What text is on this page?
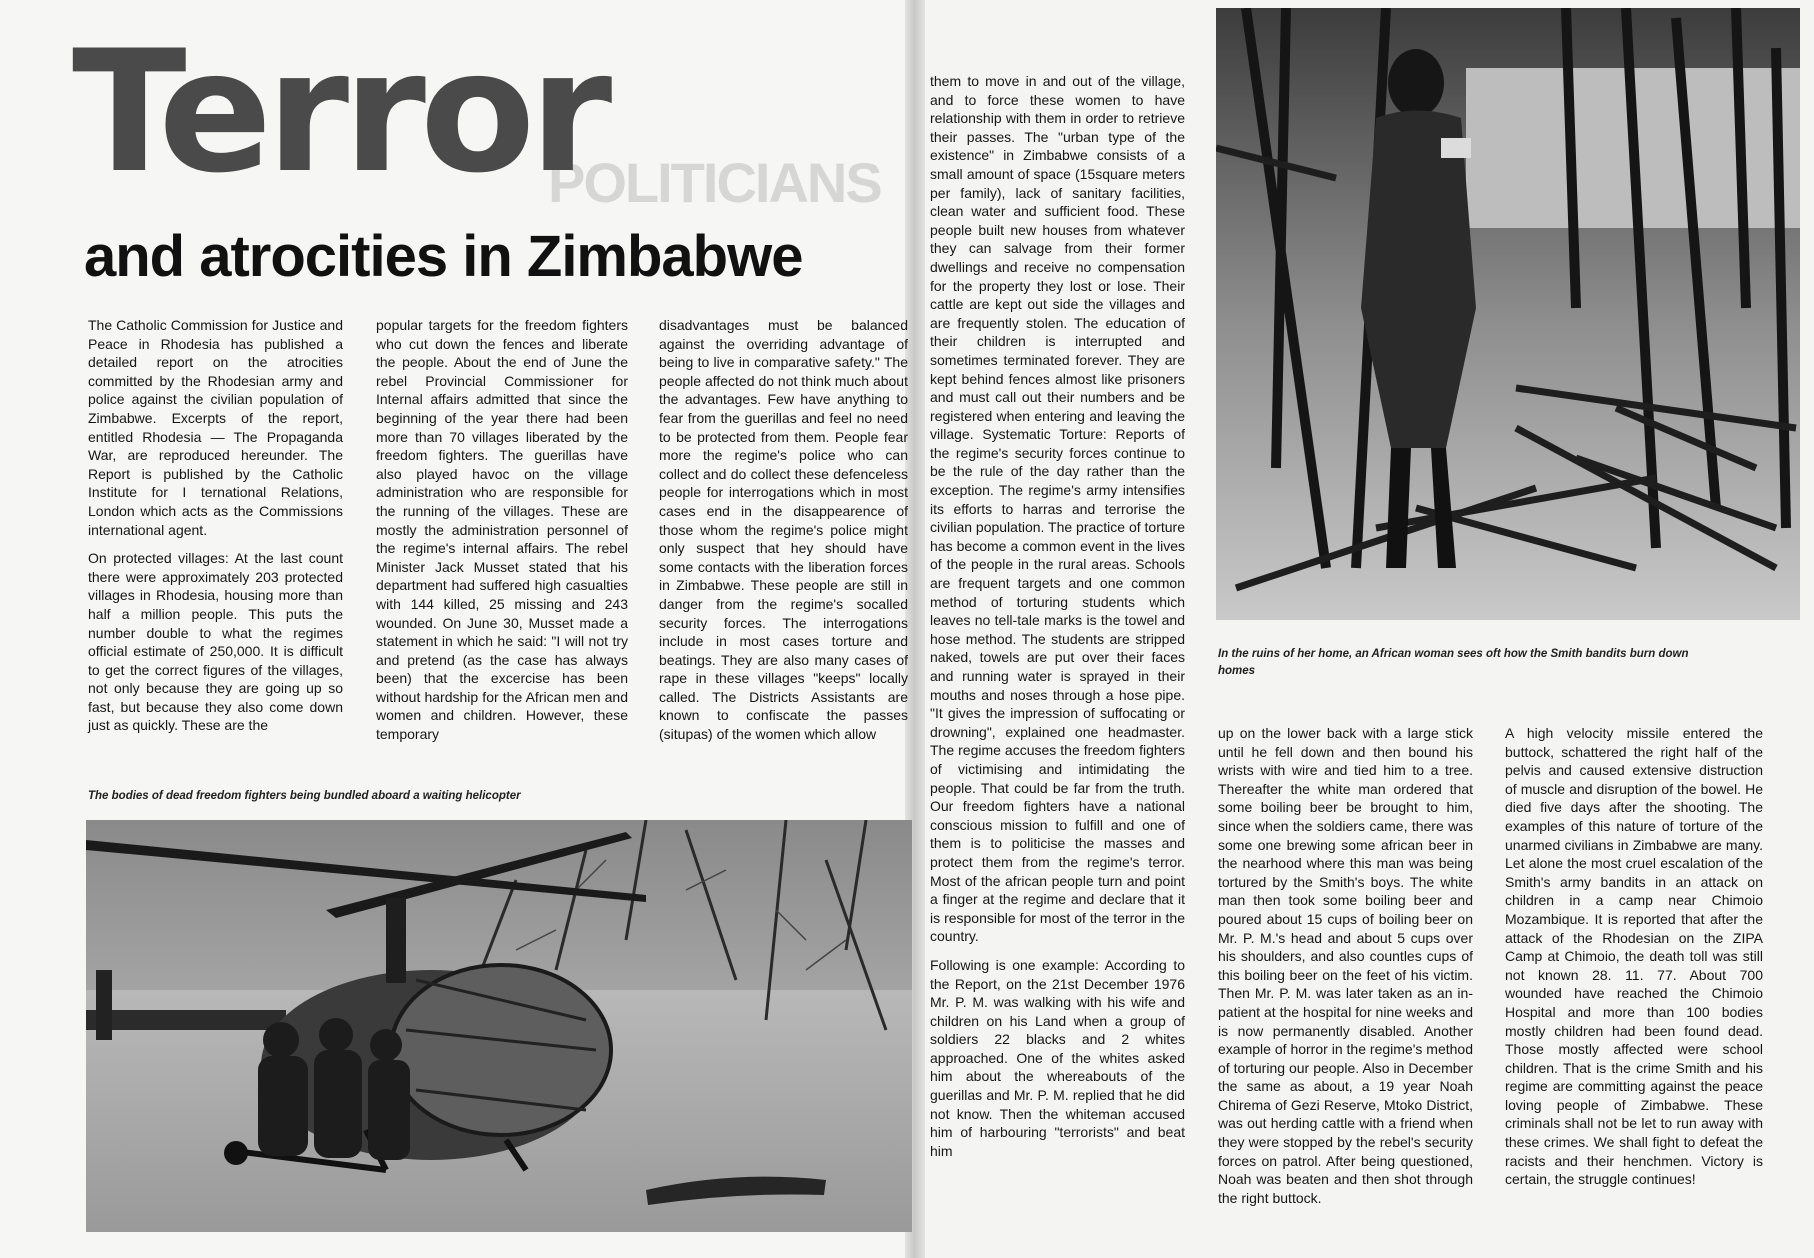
POLITICIANS
Terror
and atrocities in Zimbabwe

The Catholic Commission for Justice and Peace in Rhodesia has published a detailed report on the atrocities committed by the Rhodesian army and police against the civilian population of Zimbabwe. Excerpts of the report, entitled Rhodesia — The Propaganda War, are reproduced hereunder. The Report is published by the Catholic Institute for I ternational Relations, London which acts as the Commissions international agent.

On protected villages: At the last count there were approximately 203 protected villages in Rhodesia, housing more than half a million people. This puts the number double to what the regimes official estimate of 250,000. It is difficult to get the correct figures of the villages, not only because they are going up so fast, but because they also come down just as quickly. These are the

popular targets for the freedom fighters who cut down the fences and liberate the people. About the end of June the rebel Provincial Commissioner for Internal affairs admitted that since the beginning of the year there had been more than 70 villages liberated by the freedom fighters. The guerillas have also played havoc on the village administration who are responsible for the running of the villages. These are mostly the administration personnel of the regime's internal affairs. The rebel Minister Jack Musset stated that his department had suffered high casualties with 144 killed, 25 missing and 243 wounded. On June 30, Musset made a statement in which he said: "I will not try and pretend (as the case has always been) that the excercise has been without hardship for the African men and women and children. However, these temporary

disadvantages must be balanced against the overriding advantage of being to live in comparative safety." The people affected do not think much about the advantages. Few have anything to fear from the guerillas and feel no need to be protected from them. People fear more the regime's police who can collect and do collect these defenceless people for interrogations which in most cases end in the disappearence of those whom the regime's police might only suspect that hey should have some contacts with the liberation forces in Zimbabwe. These people are still in danger from the regime's socalled security forces. The interrogations include in most cases torture and beatings. They are also many cases of rape in these villages "keeps" locally called. The Districts Assistants are known to confiscate the passes (situpas) of the women which allow

The bodies of dead freedom fighters being bundled aboard a waiting helicopter
In the ruins of her home, an African woman sees oft how the Smith bandits burn down homes

them to move in and out of the village, and to force these women to have relationship with them in order to retrieve their passes. The "urban type of the existence" in Zimbabwe consists of a small amount of space (15square meters per family), lack of sanitary facilities, clean water and sufficient food. These people built new houses from whatever they can salvage from their former dwellings and receive no compensation for the property they lost or lose. Their cattle are kept out side the villages and are frequently stolen. The education of their children is interrupted and sometimes terminated forever. They are kept behind fences almost like prisoners and must call out their numbers and be registered when entering and leaving the village. Systematic Torture: Reports of the regime's security forces continue to be the rule of the day rather than the exception. The regime's army intensifies its efforts to harras and terrorise the civilian population. The practice of torture has become a common event in the lives of the people in the rural areas. Schools are frequent targets and one common method of torturing students which leaves no tell-tale marks is the towel and hose method. The students are stripped naked, towels are put over their faces and running water is sprayed in their mouths and noses through a hose pipe. "It gives the impression of suffocating or drowning", explained one headmaster. The regime accuses the freedom fighters of victimising and intimidating the people. That could be far from the truth. Our freedom fighters have a national conscious mission to fulfill and one of them is to politicise the masses and protect them from the regime's terror. Most of the african people turn and point a finger at the regime and declare that it is responsible for most of the terror in the country.

Following is one example: According to the Report, on the 21st December 1976 Mr. P. M. was walking with his wife and children on his Land when a group of soldiers 22 blacks and 2 whites approached. One of the whites asked him about the whereabouts of the guerillas and Mr. P. M. replied that he did not know. Then the whiteman accused him of harbouring "terrorists" and beat him

up on the lower back with a large stick until he fell down and then bound his wrists with wire and tied him to a tree. Thereafter the white man ordered that some boiling beer be brought to him, since when the soldiers came, there was some one brewing some african beer in the nearhood where this man was being tortured by the Smith's boys. The white man then took some boiling beer and poured about 15 cups of boiling beer on Mr. P. M.'s head and about 5 cups over his shoulders, and also countles cups of this boiling beer on the feet of his victim. Then Mr. P. M. was later taken as an in-patient at the hospital for nine weeks and is now permanently disabled. Another example of horror in the regime's method of torturing our people. Also in December the same as about, a 19 year Noah Chirema of Gezi Reserve, Mtoko District, was out herding cattle with a friend when they were stopped by the rebel's security forces on patrol. After being questioned, Noah was beaten and then shot through the right buttock.

A high velocity missile entered the buttock, schattered the right half of the pelvis and caused extensive distruction of muscle and disruption of the bowel. He died five days after the shooting. The examples of this nature of torture of the unarmed civilians in Zimbabwe are many. Let alone the most cruel escalation of the Smith's army bandits in an attack on children in a camp near Chimoio Mozambique. It is reported that after the attack of the Rhodesian on the ZIPA Camp at Chimoio, the death toll was still not known 28. 11. 77. About 700 wounded have reached the Chimoio Hospital and more than 100 bodies mostly children had been found dead. Those mostly affected were school children. That is the crime Smith and his regime are committing against the peace loving people of Zimbabwe. These criminals shall not be let to run away with these crimes. We shall fight to defeat the racists and their henchmen. Victory is certain, the struggle continues!
